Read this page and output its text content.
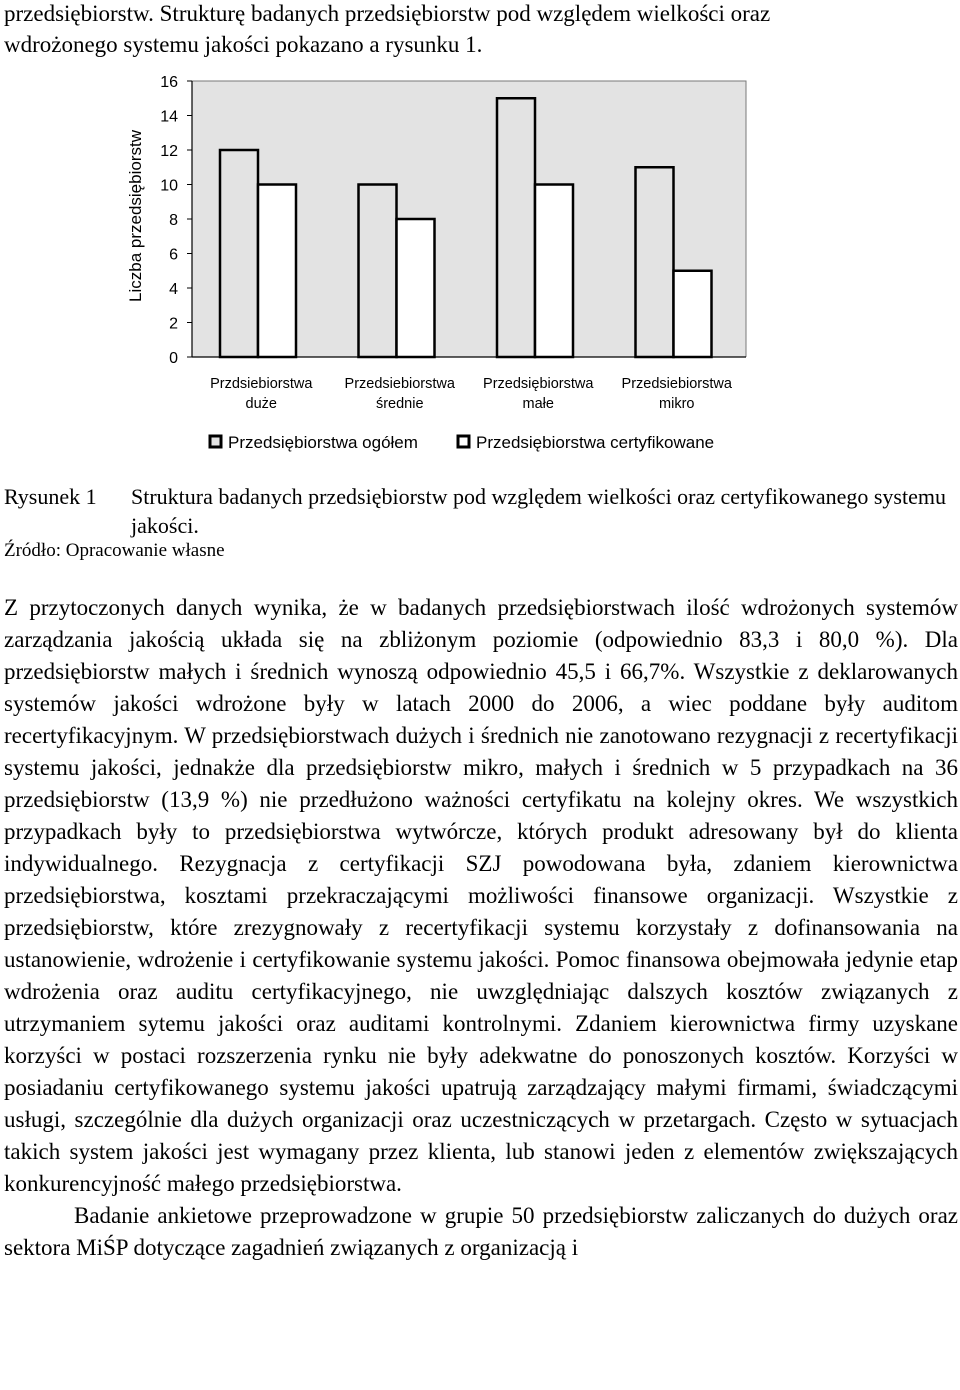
przedsiębiorstw. Strukturę badanych przedsiębiorstw pod względem wielkości oraz

wdrożonego systemu jakości pokazano a rysunku 1.

0
2
4
6
8
10
12
14
16
Przdsiebiorstwa
duże
Przedsiebiorstwa
średnie
Przedsiębiorstwa
małe
Przedsiebiorstwa
mikro
Liczba przedsiębiorstw
Przedsiębiorstwa ogółem	Przedsiębiorstwa certyfikowane
Rysunek 1 Struktura badanych przedsiębiorstw pod względem wielkości oraz certyfikowanego systemu jakości.
Źródło: Opracowanie własne

Z przytoczonych danych wynika, że w badanych przedsiębiorstwach ilość wdrożonych systemów zarządzania jakością układa się na zbliżonym poziomie (odpowiednio 83,3 i 80,0 %). Dla przedsiębiorstw małych i średnich wynoszą odpowiednio 45,5 i 66,7%. Wszystkie z deklarowanych systemów jakości wdrożone były w latach 2000 do 2006, a wiec poddane były auditom recertyfikacyjnym. W przedsiębiorstwach dużych i średnich nie zanotowano rezygnacji z recertyfikacji systemu jakości, jednakże dla przedsiębiorstw mikro, małych i średnich w 5 przypadkach na 36 przedsiębiorstw (13,9 %) nie przedłużono ważności certyfikatu na kolejny okres. We wszystkich przypadkach były to przedsiębiorstwa wytwórcze, których produkt adresowany był do klienta indywidualnego. Rezygnacja z certyfikacji SZJ powodowana była, zdaniem kierownictwa przedsiębiorstwa, kosztami przekraczającymi możliwości finansowe organizacji. Wszystkie z przedsiębiorstw, które zrezygnowały z recertyfikacji systemu korzystały z dofinansowania na ustanowienie, wdrożenie i certyfikowanie systemu jakości. Pomoc finansowa obejmowała jedynie etap wdrożenia oraz auditu certyfikacyjnego, nie uwzględniając dalszych kosztów związanych z utrzymaniem sytemu jakości oraz auditami kontrolnymi. Zdaniem kierownictwa firmy uzyskane korzyści w postaci rozszerzenia rynku nie były adekwatne do ponoszonych kosztów. Korzyści w posiadaniu certyfikowanego systemu jakości upatrują zarządzający małymi firmami, świadczącymi usługi, szczególnie dla dużych organizacji oraz uczestniczących w przetargach. Często w sytuacjach takich system jakości jest wymagany przez klienta, lub stanowi jeden z elementów zwiększających konkurencyjność małego przedsiębiorstwa.

Badanie ankietowe przeprowadzone w grupie 50 przedsiębiorstw zaliczanych do dużych oraz sektora MiŚP dotyczące zagadnień związanych z organizacją i
